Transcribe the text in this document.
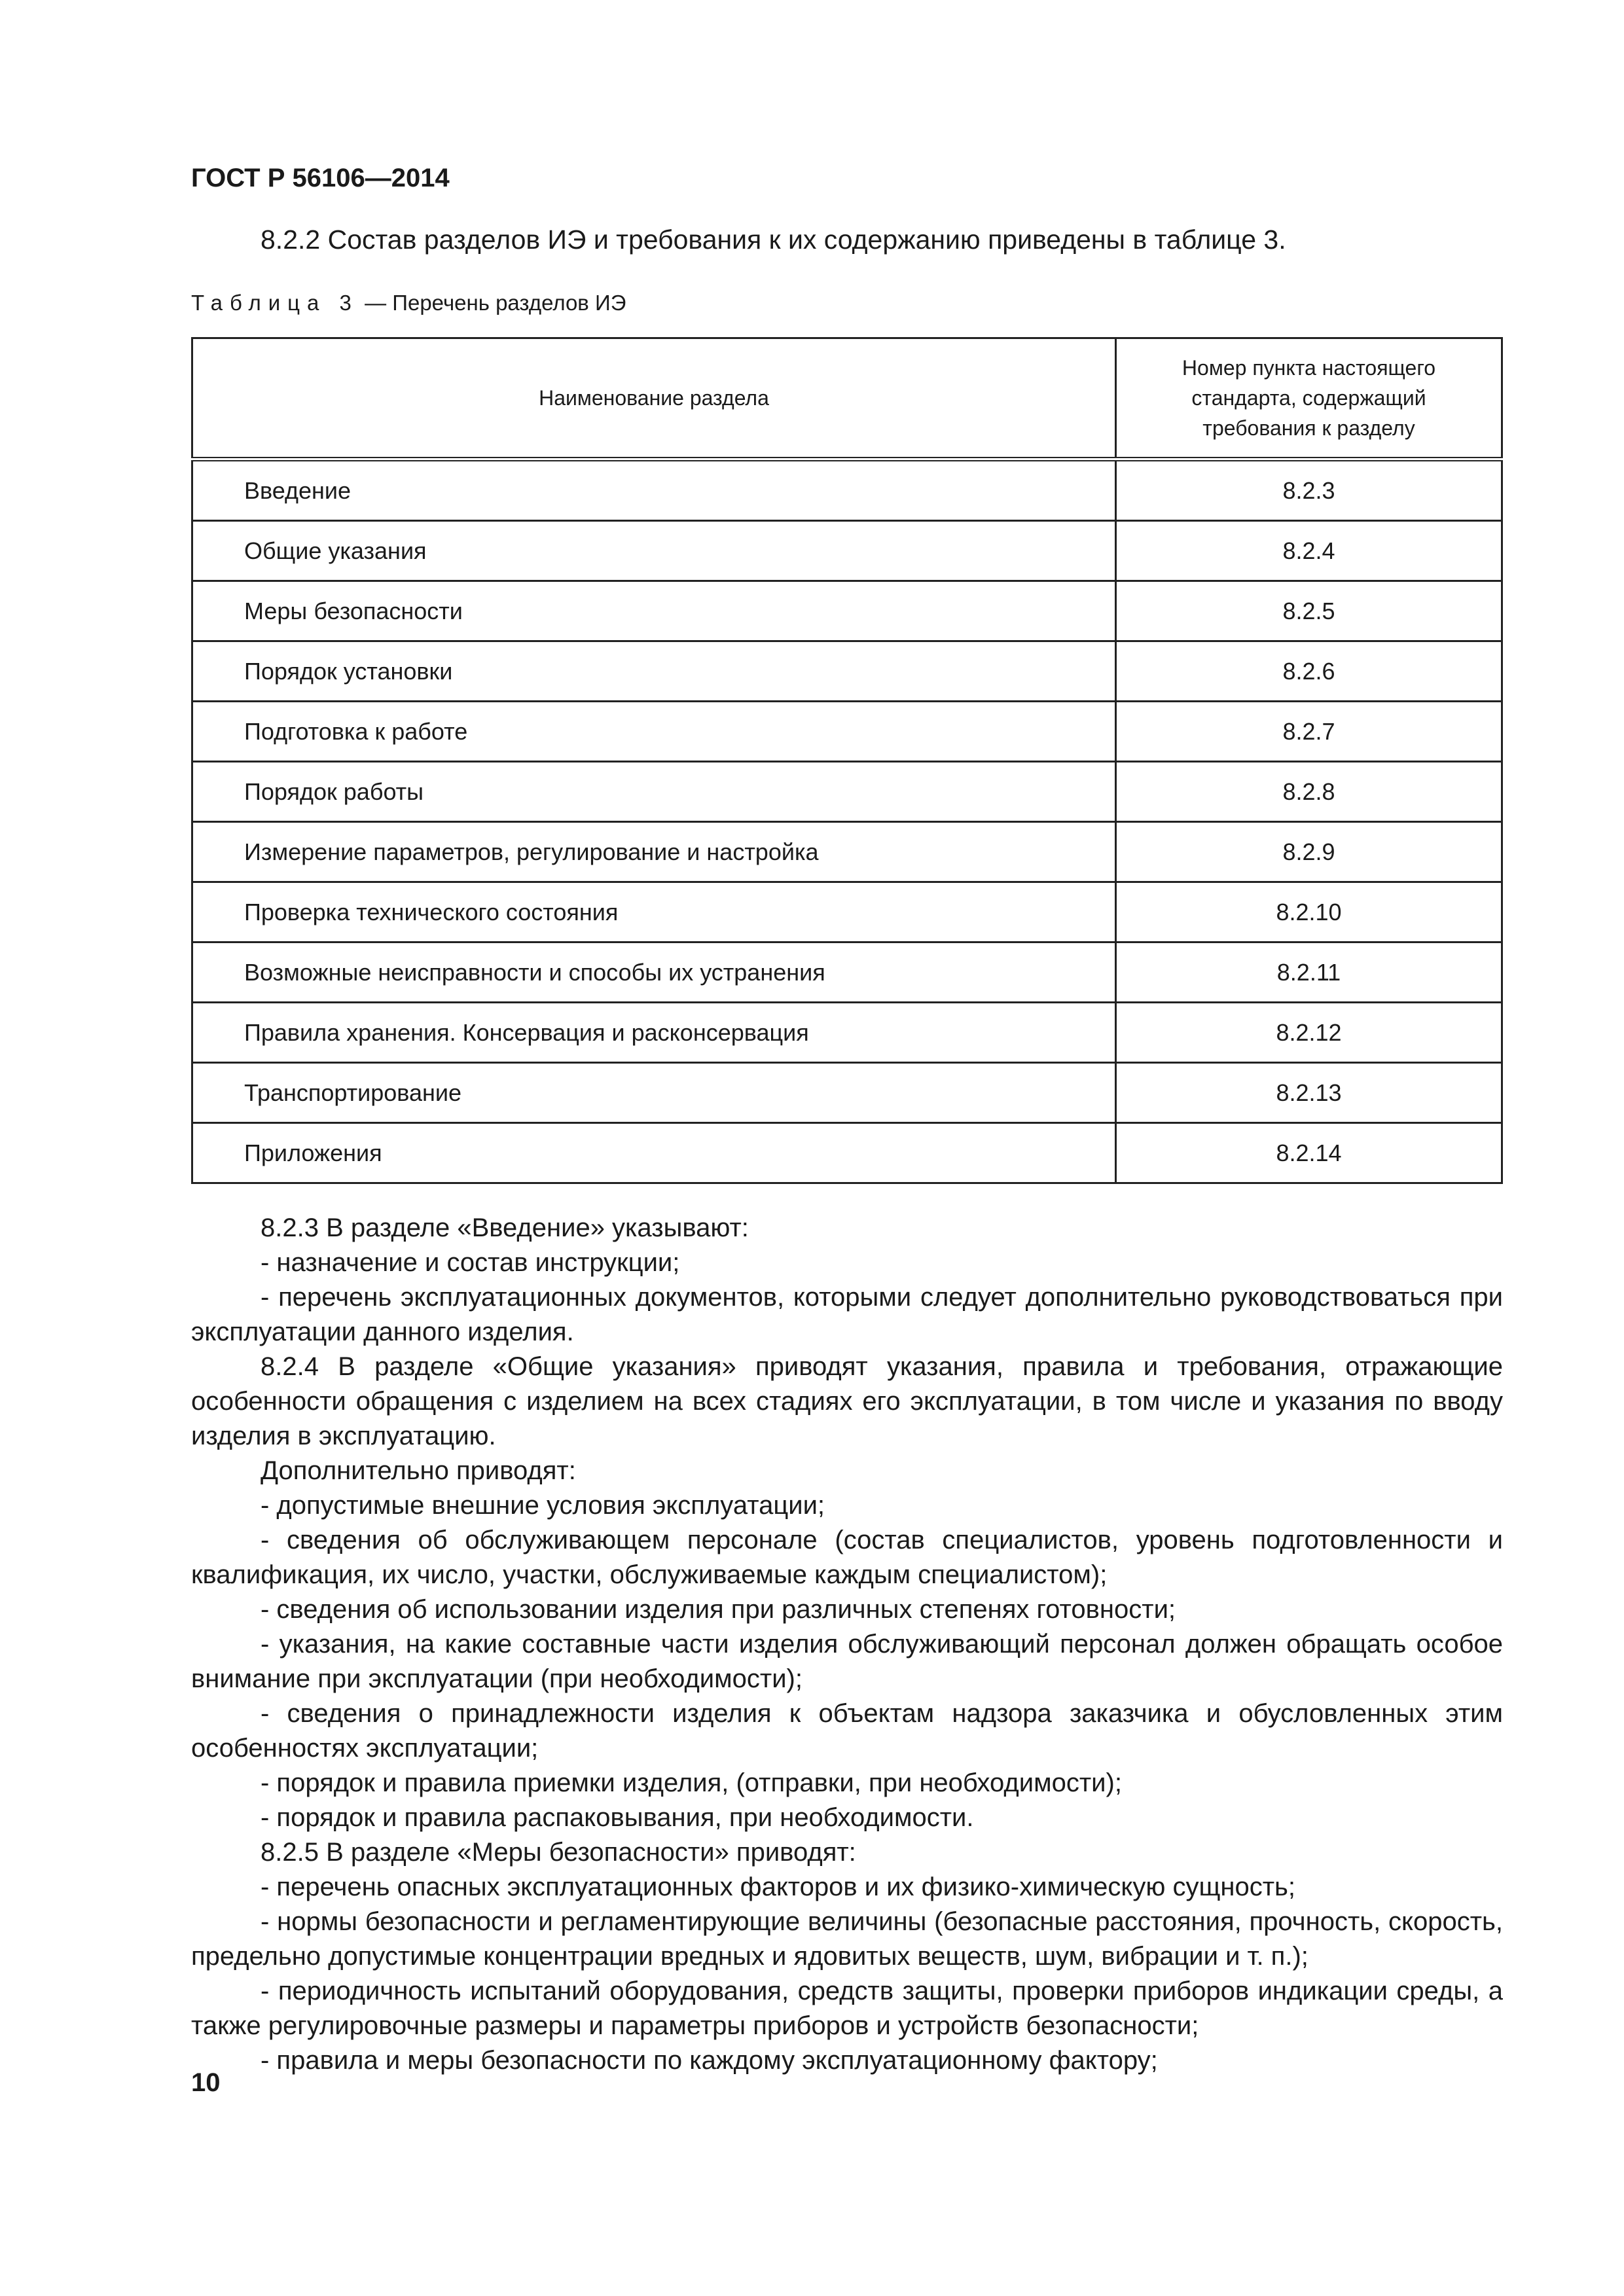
ГОСТ Р 56106—2014
8.2.2 Состав разделов ИЭ и требования к их содержанию приведены в таблице 3.
Таблица 3 — Перечень разделов ИЭ
Наименование раздела	Номер пункта настоящего стандарта, содержащий требования к разделу

Введение	8.2.3
Общие указания	8.2.4
Меры безопасности	8.2.5
Порядок установки	8.2.6
Подготовка к работе	8.2.7
Порядок работы	8.2.8
Измерение параметров, регулирование и настройка	8.2.9
Проверка технического состояния	8.2.10
Возможные неисправности и способы их устранения	8.2.11
Правила хранения. Консервация и расконсервация	8.2.12
Транспортирование	8.2.13
Приложения	8.2.14

8.2.3 В разделе «Введение» указывают:

- назначение и состав инструкции;

- перечень эксплуатационных документов, которыми следует дополнительно руководствоваться при эксплуатации данного изделия.

8.2.4 В разделе «Общие указания» приводят указания, правила и требования, отражающие особенности обращения с изделием на всех стадиях его эксплуатации, в том числе и указания по вводу изделия в эксплуатацию.

Дополнительно приводят:

- допустимые внешние условия эксплуатации;

- сведения об обслуживающем персонале (состав специалистов, уровень подготовленности и квалификация, их число, участки, обслуживаемые каждым специалистом);

- сведения об использовании изделия при различных степенях готовности;

- указания, на какие составные части изделия обслуживающий персонал должен обращать особое внимание при эксплуатации (при необходимости);

- сведения о принадлежности изделия к объектам надзора заказчика и обусловленных этим особенностях эксплуатации;

- порядок и правила приемки изделия, (отправки, при необходимости);

- порядок и правила распаковывания, при необходимости.

8.2.5 В разделе «Меры безопасности» приводят:

- перечень опасных эксплуатационных факторов и их физико-химическую сущность;

- нормы безопасности и регламентирующие величины (безопасные расстояния, прочность, скорость, предельно допустимые концентрации вредных и ядовитых веществ, шум, вибрации и т. п.);

- периодичность испытаний оборудования, средств защиты, проверки приборов индикации среды, а также регулировочные размеры и параметры приборов и устройств безопасности;

- правила и меры безопасности по каждому эксплуатационному фактору;

10
